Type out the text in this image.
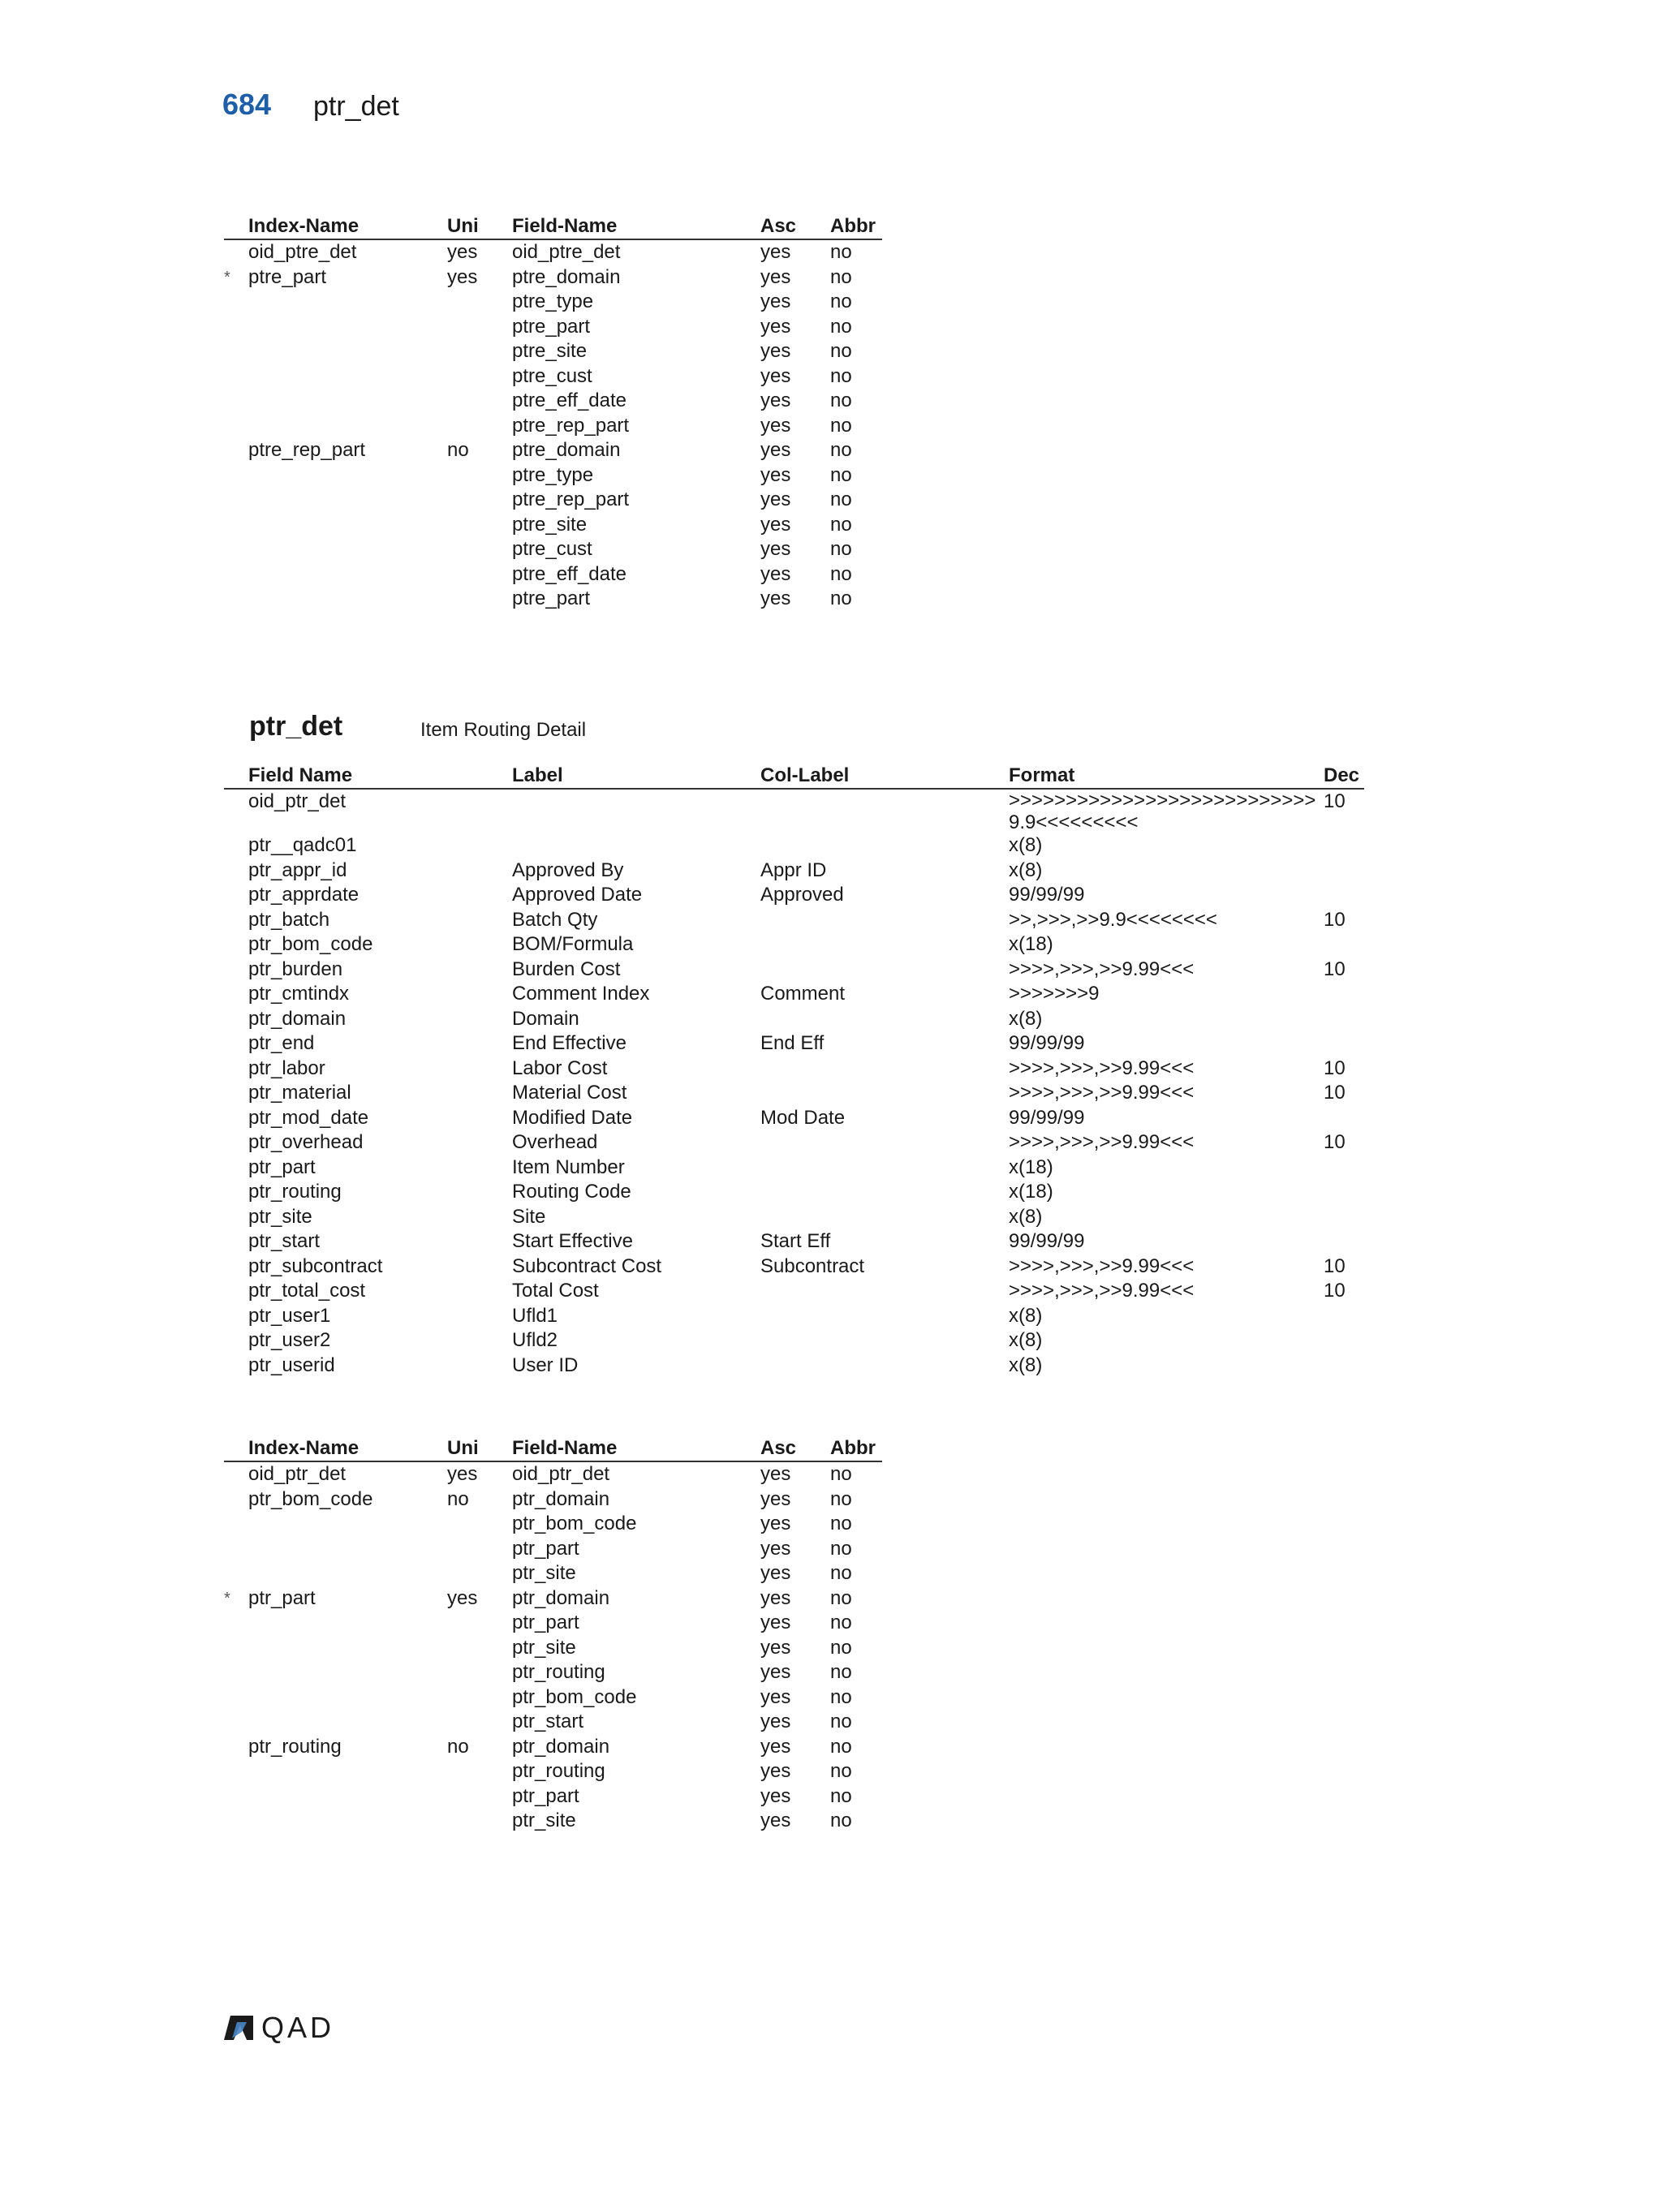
684 ptr_det
	Index-Name	Uni	Field-Name	Asc	Abbr
	oid_ptre_det	yes	oid_ptre_det	yes	no
*	ptre_part	yes	ptre_domain	yes	no
			ptre_type	yes	no
			ptre_part	yes	no
			ptre_site	yes	no
			ptre_cust	yes	no
			ptre_eff_date	yes	no
			ptre_rep_part	yes	no
	ptre_rep_part	no	ptre_domain	yes	no
			ptre_type	yes	no
			ptre_rep_part	yes	no
			ptre_site	yes	no
			ptre_cust	yes	no
			ptre_eff_date	yes	no
			ptre_part	yes	no
ptr_det	Item Routing Detail
	Field Name	Label	Col-Label	Format	Dec
	oid_ptr_det			>>>>>>>>>>>>>>>>>>>>>>>>>>>9.9<<<<<<<<<	10
	ptr__qadc01			x(8)	
	ptr_appr_id	Approved By	Appr ID	x(8)	
	ptr_apprdate	Approved Date	Approved	99/99/99	
	ptr_batch	Batch Qty		>>,>>>,>>9.9<<<<<<<<	10
	ptr_bom_code	BOM/Formula		x(18)	
	ptr_burden	Burden Cost		>>>>,>>>,>>9.99<<<	10
	ptr_cmtindx	Comment Index	Comment	>>>>>>>9	
	ptr_domain	Domain		x(8)	
	ptr_end	End Effective	End Eff	99/99/99	
	ptr_labor	Labor Cost		>>>>,>>>,>>9.99<<<	10
	ptr_material	Material Cost		>>>>,>>>,>>9.99<<<	10
	ptr_mod_date	Modified Date	Mod Date	99/99/99	
	ptr_overhead	Overhead		>>>>,>>>,>>9.99<<<	10
	ptr_part	Item Number		x(18)	
	ptr_routing	Routing Code		x(18)	
	ptr_site	Site		x(8)	
	ptr_start	Start Effective	Start Eff	99/99/99	
	ptr_subcontract	Subcontract Cost	Subcontract	>>>>,>>>,>>9.99<<<	10
	ptr_total_cost	Total Cost		>>>>,>>>,>>9.99<<<	10
	ptr_user1	Ufld1		x(8)	
	ptr_user2	Ufld2		x(8)	
	ptr_userid	User ID		x(8)	
	Index-Name	Uni	Field-Name	Asc	Abbr
	oid_ptr_det	yes	oid_ptr_det	yes	no
	ptr_bom_code	no	ptr_domain	yes	no
			ptr_bom_code	yes	no
			ptr_part	yes	no
			ptr_site	yes	no
*	ptr_part	yes	ptr_domain	yes	no
			ptr_part	yes	no
			ptr_site	yes	no
			ptr_routing	yes	no
			ptr_bom_code	yes	no
			ptr_start	yes	no
	ptr_routing	no	ptr_domain	yes	no
			ptr_routing	yes	no
			ptr_part	yes	no
			ptr_site	yes	no
QAD
